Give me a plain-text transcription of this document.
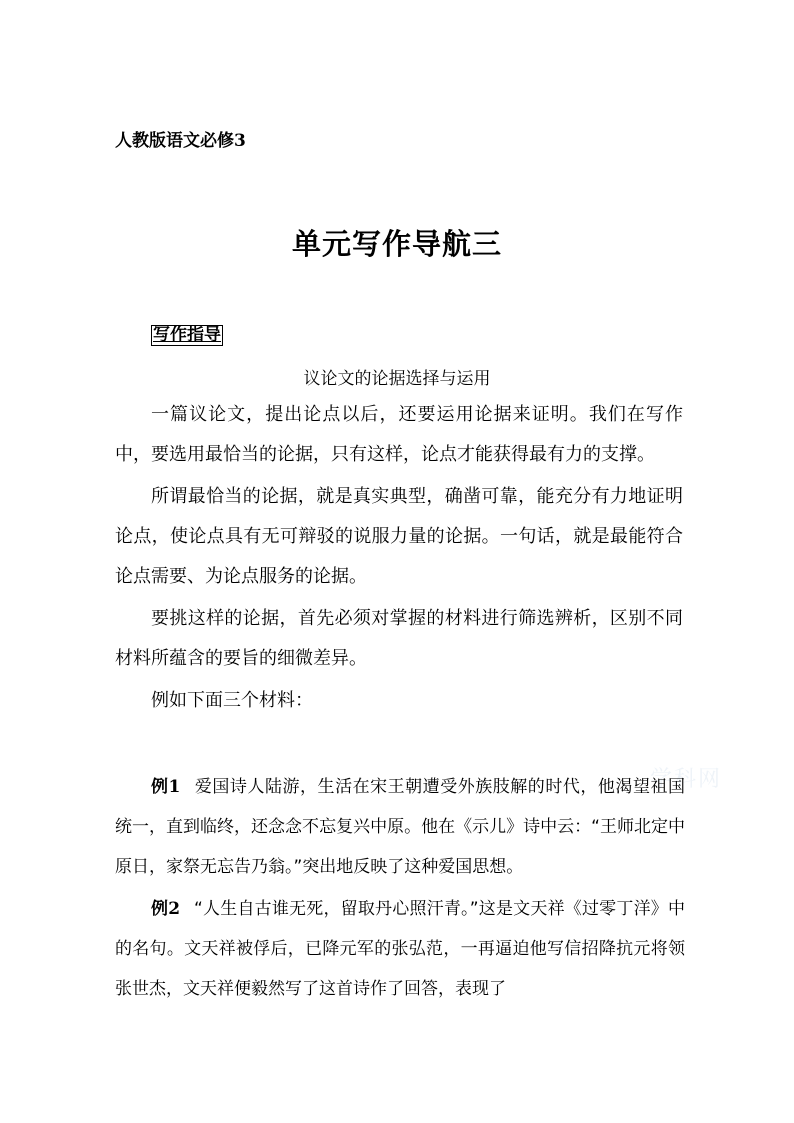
人教版语文必修3
单元写作导航三
写作指导
议论文的论据选择与运用
一篇议论文，提出论点以后，还要运用论据来证明。我们在写作中，要选用最恰当的论据，只有这样，论点才能获得最有力的支撑。
所谓最恰当的论据，就是真实典型，确凿可靠，能充分有力地证明论点，使论点具有无可辩驳的说服力量的论据。一句话，就是最能符合论点需要、为论点服务的论据。
要挑这样的论据，首先必须对掌握的材料进行筛选辨析，区别不同材料所蕴含的要旨的细微差异。
例如下面三个材料：
学科网
例1 爱国诗人陆游，生活在宋王朝遭受外族肢解的时代，他渴望祖国统一，直到临终，还念念不忘复兴中原。他在《示儿》诗中云：“王师北定中原日，家祭无忘告乃翁。”突出地反映了这种爱国思想。
例2 “人生自古谁无死，留取丹心照汗青。”这是文天祥《过零丁洋》中的名句。文天祥被俘后，已降元军的张弘范，一再逼迫他写信招降抗元将领张世杰，文天祥便毅然写了这首诗作了回答，表现了
